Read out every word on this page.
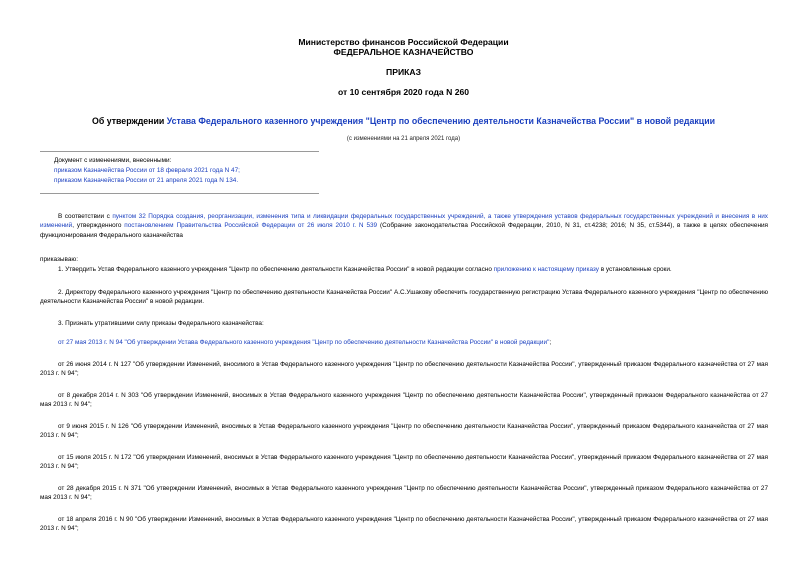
Министерство финансов Российской Федерации
ФЕДЕРАЛЬНОЕ КАЗНАЧЕЙСТВО
ПРИКАЗ
от 10 сентября 2020 года N 260
Об утверждении Устава Федерального казенного учреждения "Центр по обеспечению деятельности Казначейства России" в новой редакции
(с изменениями на 21 апреля 2021 года)
Документ с изменениями, внесенными:
приказом Казначейства России от 18 февраля 2021 года N 47;
приказом Казначейства России от 21 апреля 2021 года N 134.
В соответствии с пунктом 32 Порядка создания, реорганизации, изменения типа и ликвидации федеральных государственных учреждений, а также утверждения уставов федеральных государственных учреждений и внесения в них изменений, утвержденного постановлением Правительства Российской Федерации от 26 июля 2010 г. N 539 (Собрание законодательства Российской Федерации, 2010, N 31, ст.4238; 2016; N 35, ст.5344), в также в целях обеспечения функционирования Федерального казначейства
приказываю:
1. Утвердить Устав Федерального казенного учреждения "Центр по обеспечению деятельности Казначейства России" в новой редакции согласно приложению к настоящему приказу в установленные сроки.
2. Директору Федерального казенного учреждения "Центр по обеспечению деятельности Казначейства России" А.С.Ушакову обеспечить государственную регистрацию Устава Федерального казенного учреждения "Центр по обеспечению деятельности Казначейства России" в новой редакции.
3. Признать утратившими силу приказы Федерального казначейства:
от 27 мая 2013 г. N 94 "Об утверждении Устава Федерального казенного учреждения "Центр по обеспечению деятельности Казначейства России" в новой редакции";
от 26 июня 2014 г. N 127 "Об утверждении Изменений, вносимого в Устав Федерального казенного учреждения "Центр по обеспечению деятельности Казначейства России", утвержденный приказом Федерального казначейства от 27 мая 2013 г. N 94";
от 8 декабря 2014 г. N 303 "Об утверждении Изменений, вносимых в Устав Федерального казенного учреждения "Центр по обеспечению деятельности Казначейства России", утвержденный приказом Федерального казначейства от 27 мая 2013 г. N 94";
от 9 июня 2015 г. N 126 "Об утверждении Изменений, вносимых в Устав Федерального казенного учреждения "Центр по обеспечению деятельности Казначейства России", утвержденный приказом Федерального казначейства от 27 мая 2013 г. N 94";
от 15 июля 2015 г. N 172 "Об утверждении Изменений, вносимых в Устав Федерального казенного учреждения "Центр по обеспечению деятельности Казначейства России", утвержденный приказом Федерального казначейства от 27 мая 2013 г. N 94";
от 28 декабря 2015 г. N 371 "Об утверждении Изменений, вносимых в Устав Федерального казенного учреждения "Центр по обеспечению деятельности Казначейства России", утвержденный приказом Федерального казначейства от 27 мая 2013 г. N 94";
от 18 апреля 2016 г. N 90 "Об утверждении Изменений, вносимых в Устав Федерального казенного учреждения "Центр по обеспечению деятельности Казначейства России", утвержденный приказом Федерального казначейства от 27 мая 2013 г. N 94";
